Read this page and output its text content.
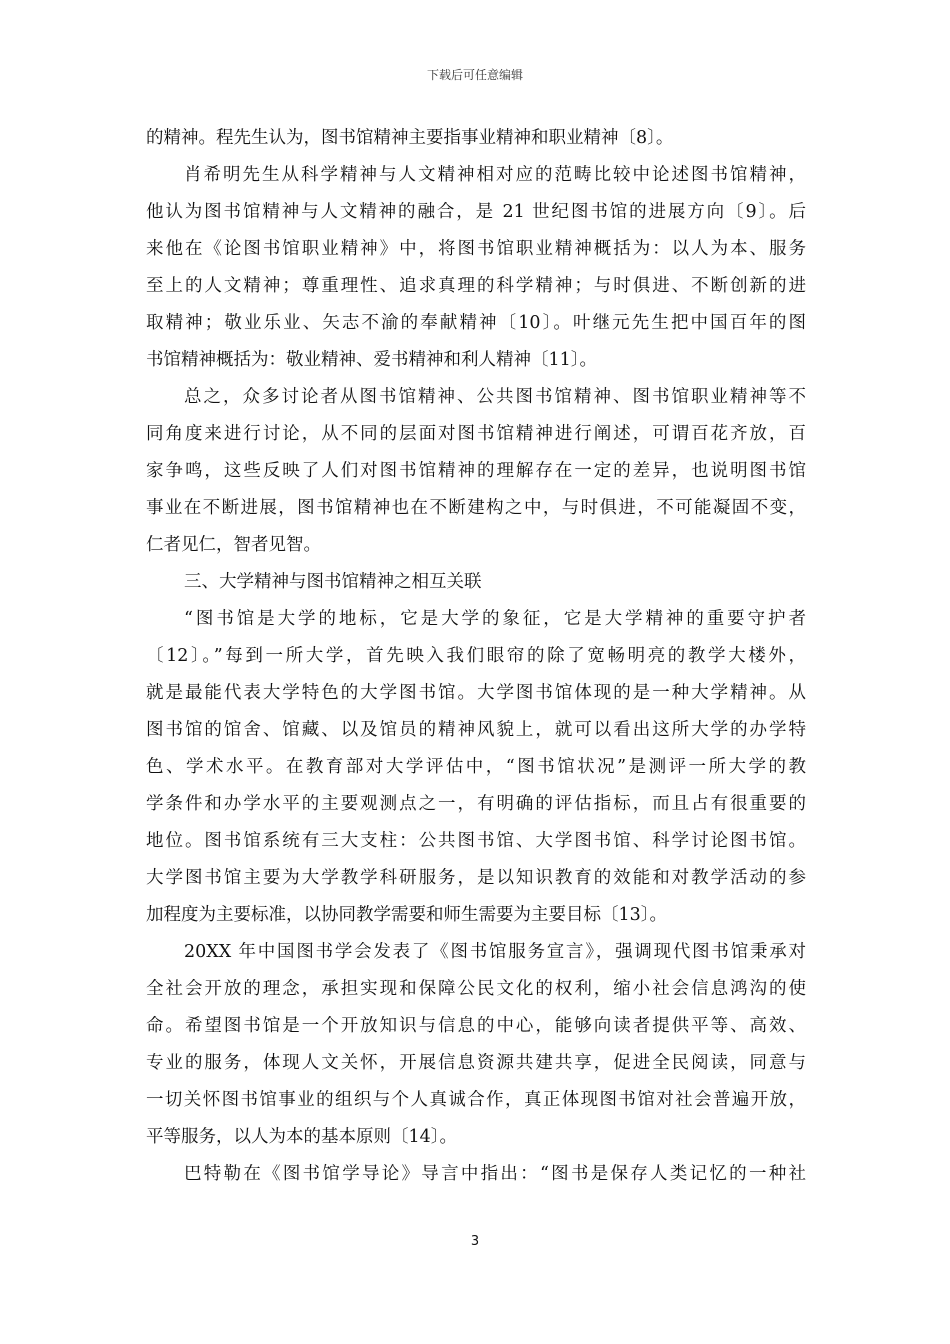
下载后可任意编辑
的精神。程先生认为，图书馆精神主要指事业精神和职业精神〔8〕。
肖希明先生从科学精神与人文精神相对应的范畴比较中论述图书馆精神，
他认为图书馆精神与人文精神的融合，是 21 世纪图书馆的进展方向〔9〕。后
来他在《论图书馆职业精神》中，将图书馆职业精神概括为：以人为本、服务
至上的人文精神；尊重理性、追求真理的科学精神；与时俱进、不断创新的进
取精神；敬业乐业、矢志不渝的奉献精神〔10〕。叶继元先生把中国百年的图
书馆精神概括为：敬业精神、爱书精神和利人精神〔11〕。
总之，众多讨论者从图书馆精神、公共图书馆精神、图书馆职业精神等不
同角度来进行讨论，从不同的层面对图书馆精神进行阐述，可谓百花齐放，百
家争鸣，这些反映了人们对图书馆精神的理解存在一定的差异，也说明图书馆
事业在不断进展，图书馆精神也在不断建构之中，与时俱进，不可能凝固不变，
仁者见仁，智者见智。
三、大学精神与图书馆精神之相互关联
“图书馆是大学的地标，它是大学的象征，它是大学精神的重要守护者
〔12〕。”每到一所大学，首先映入我们眼帘的除了宽畅明亮的教学大楼外，
就是最能代表大学特色的大学图书馆。大学图书馆体现的是一种大学精神。从
图书馆的馆舍、馆藏、以及馆员的精神风貌上，就可以看出这所大学的办学特
色、学术水平。在教育部对大学评估中，“图书馆状况”是测评一所大学的教
学条件和办学水平的主要观测点之一，有明确的评估指标，而且占有很重要的
地位。图书馆系统有三大支柱：公共图书馆、大学图书馆、科学讨论图书馆。
大学图书馆主要为大学教学科研服务，是以知识教育的效能和对教学活动的参
加程度为主要标准，以协同教学需要和师生需要为主要目标〔13〕。
20XX 年中国图书学会发表了《图书馆服务宣言》，强调现代图书馆秉承对
全社会开放的理念，承担实现和保障公民文化的权利，缩小社会信息鸿沟的使
命。希望图书馆是一个开放知识与信息的中心，能够向读者提供平等、高效、
专业的服务，体现人文关怀，开展信息资源共建共享，促进全民阅读，同意与
一切关怀图书馆事业的组织与个人真诚合作，真正体现图书馆对社会普遍开放，
平等服务，以人为本的基本原则〔14〕。
巴特勒在《图书馆学导论》导言中指出：“图书是保存人类记忆的一种社
3
